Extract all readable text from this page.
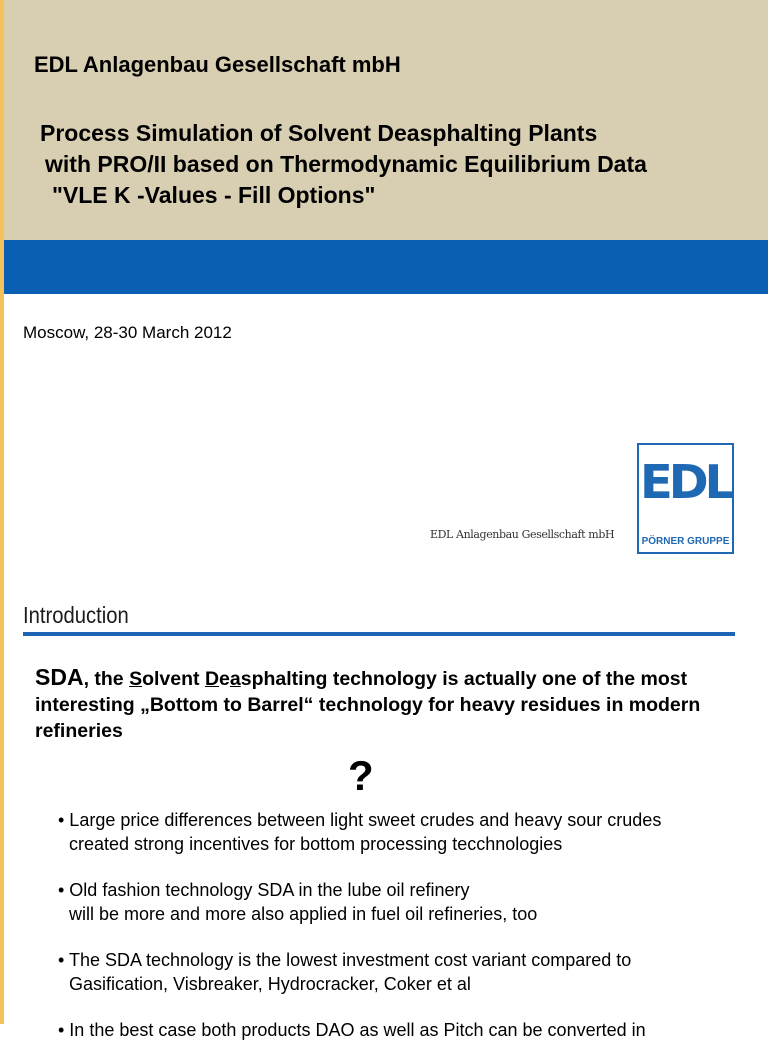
EDL Anlagenbau Gesellschaft mbH
Process Simulation of Solvent Deasphalting Plants
with PRO/II based on Thermodynamic Equilibrium Data
"VLE K -Values - Fill Options"
Moscow, 28-30 March 2012
EDL
PÖRNER GRUPPE
EDL Anlagenbau Gesellschaft mbH
Introduction

SDA, the Solvent Deasphalting technology is actually one of the most interesting „Bottom to Barrel“ technology for heavy residues in modern refineries

?
• Large price differences between light sweet crudes and heavy sour crudes
created strong incentives for bottom processing tecchnologies
• Old fashion technology SDA in the lube oil refinery
will be more and more also applied in fuel oil refineries, too
• The SDA technology is the lowest investment cost variant compared to
Gasification, Visbreaker, Hydrocracker, Coker et al
• In the best case both products DAO as well as Pitch can be converted in
